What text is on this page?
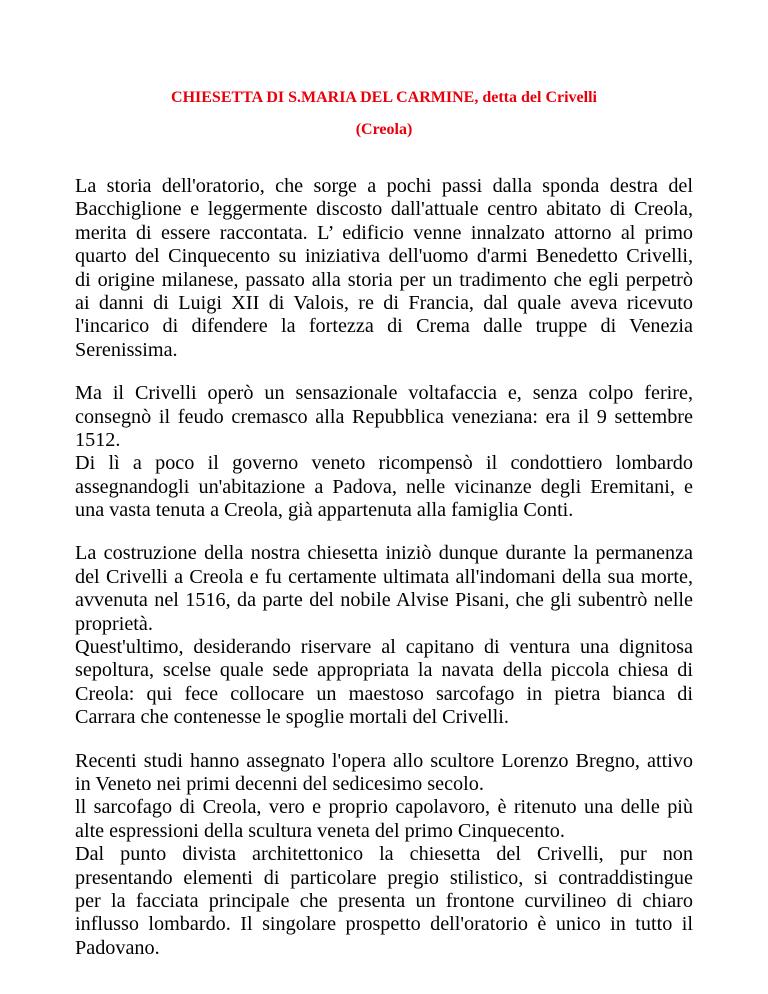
CHIESETTA DI S.MARIA DEL CARMINE, detta del Crivelli

(Creola)

La storia dell'oratorio, che sorge a pochi passi dalla sponda destra del
Bacchiglione e leggermente discosto dall'attuale centro abitato di Creola,
merita di essere raccontata. L’ edificio venne innalzato attorno al primo
quarto del Cinquecento su iniziativa dell'uomo d'armi Benedetto Crivelli,
di origine milanese, passato alla storia per un tradimento che egli perpetrò
ai danni di Luigi XII di Valois, re di Francia, dal quale aveva ricevuto
l'incarico di difendere la fortezza di Crema dalle truppe di Venezia
Serenissima.
Ma il Crivelli operò un sensazionale voltafaccia e, senza colpo ferire,
consegnò il feudo cremasco alla Repubblica veneziana: era il 9 settembre
1512.
Di lì a poco il governo veneto ricompensò il condottiero lombardo
assegnandogli un'abitazione a Padova, nelle vicinanze degli Eremitani, e
una vasta tenuta a Creola, già appartenuta alla famiglia Conti.
La costruzione della nostra chiesetta iniziò dunque durante la permanenza
del Crivelli a Creola e fu certamente ultimata all'indomani della sua morte,
avvenuta nel 1516, da parte del nobile Alvise Pisani, che gli subentrò nelle
proprietà.
Quest'ultimo, desiderando riservare al capitano di ventura una dignitosa
sepoltura, scelse quale sede appropriata la navata della piccola chiesa di
Creola: qui fece collocare un maestoso sarcofago in pietra bianca di
Carrara che contenesse le spoglie mortali del Crivelli.
Recenti studi hanno assegnato l'opera allo scultore Lorenzo Bregno, attivo
in Veneto nei primi decenni del sedicesimo secolo.
ll sarcofago di Creola, vero e proprio capolavoro, è ritenuto una delle più
alte espressioni della scultura veneta del primo Cinquecento.
Dal punto divista architettonico la chiesetta del Crivelli, pur non
presentando elementi di particolare pregio stilistico, si contraddistingue
per la facciata principale che presenta un frontone curvilineo di chiaro
influsso lombardo. Il singolare prospetto dell'oratorio è unico in tutto il
Padovano.
